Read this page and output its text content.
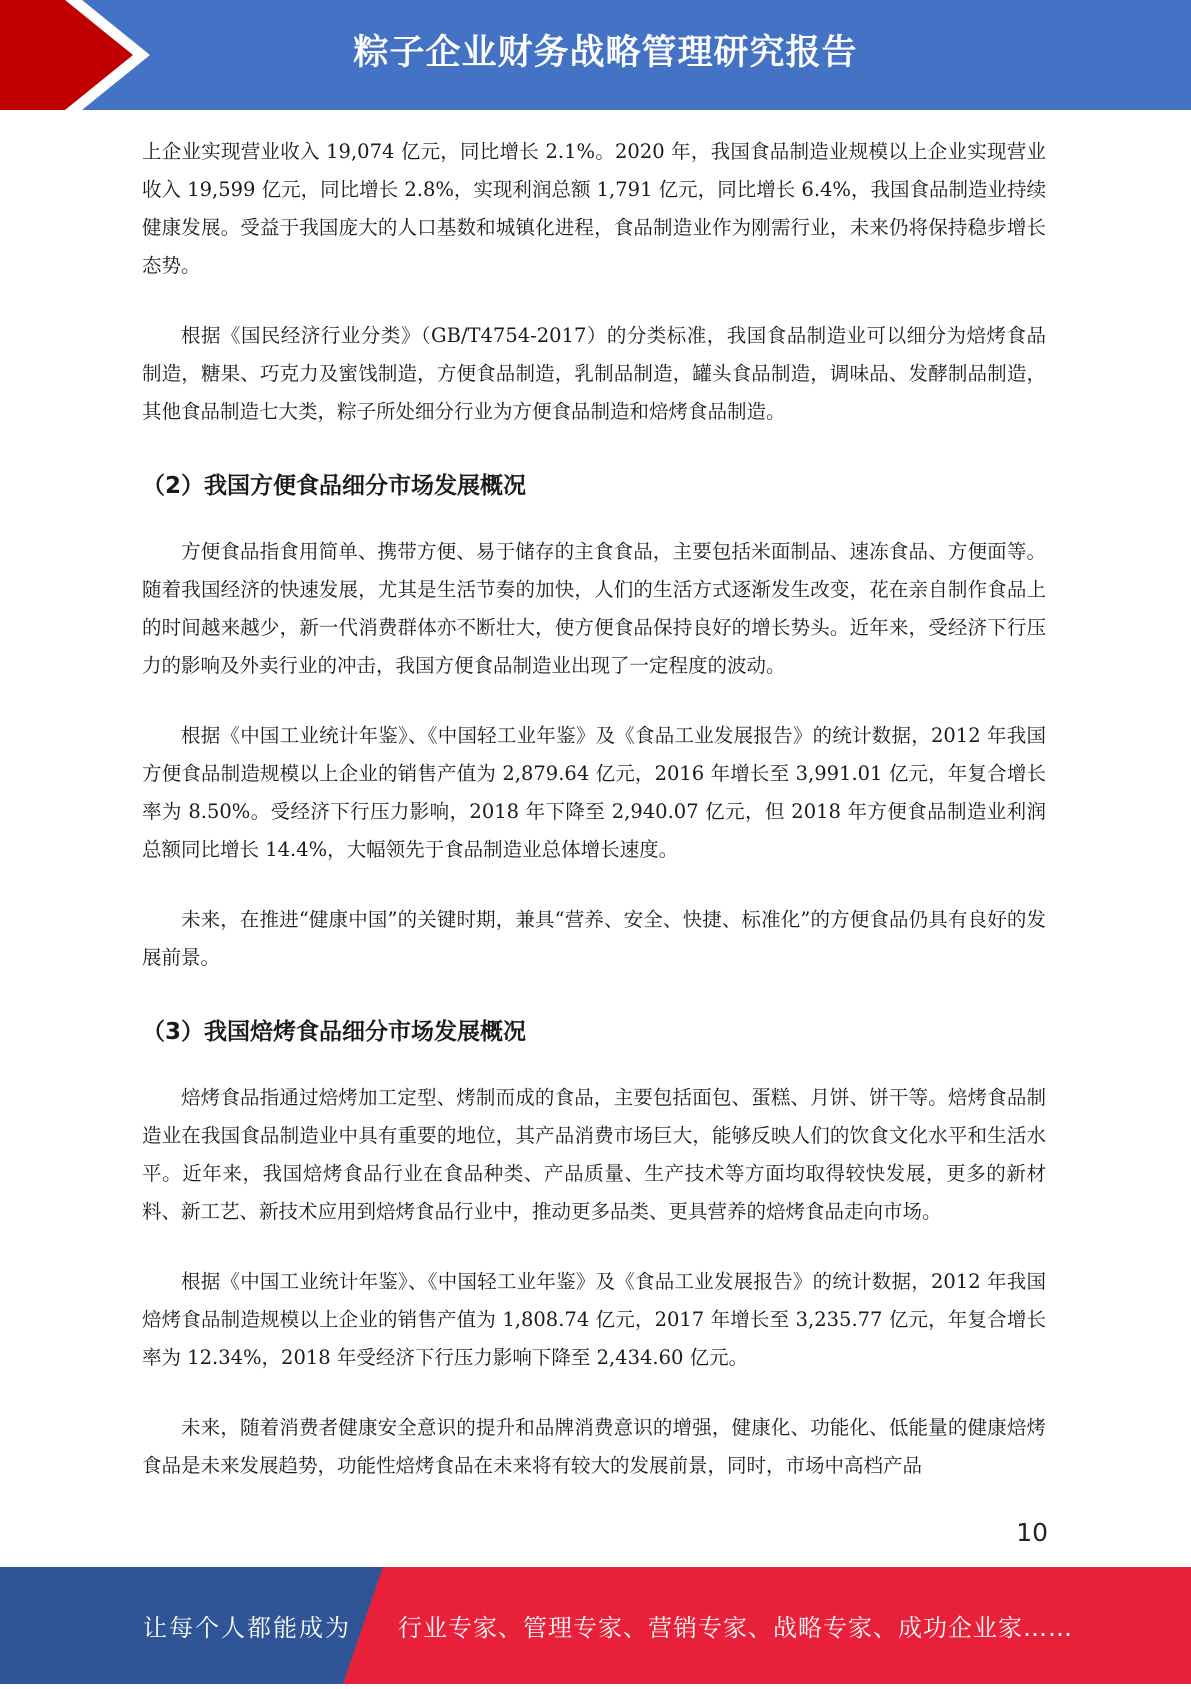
粽子企业财务战略管理研究报告

上企业实现营业收入 19,074 亿元，同比增长 2.1%。2020 年，我国食品制造业规模以上企业实现营业收入 19,599 亿元，同比增长 2.8%，实现利润总额 1,791 亿元，同比增长 6.4%，我国食品制造业持续健康发展。受益于我国庞大的人口基数和城镇化进程，食品制造业作为刚需行业，未来仍将保持稳步增长态势。

根据《国民经济行业分类》（GB/T4754-2017）的分类标准，我国食品制造业可以细分为焙烤食品制造，糖果、巧克力及蜜饯制造，方便食品制造，乳制品制造，罐头食品制造，调味品、发酵制品制造，其他食品制造七大类，粽子所处细分行业为方便食品制造和焙烤食品制造。

（2）我国方便食品细分市场发展概况

方便食品指食用简单、携带方便、易于储存的主食食品，主要包括米面制品、速冻食品、方便面等。随着我国经济的快速发展，尤其是生活节奏的加快，人们的生活方式逐渐发生改变，花在亲自制作食品上的时间越来越少，新一代消费群体亦不断壮大，使方便食品保持良好的增长势头。近年来，受经济下行压力的影响及外卖行业的冲击，我国方便食品制造业出现了一定程度的波动。

根据《中国工业统计年鉴》、《中国轻工业年鉴》及《食品工业发展报告》的统计数据，2012 年我国方便食品制造规模以上企业的销售产值为 2,879.64 亿元，2016 年增长至 3,991.01 亿元，年复合增长率为 8.50%。受经济下行压力影响，2018 年下降至 2,940.07 亿元，但 2018 年方便食品制造业利润总额同比增长 14.4%，大幅领先于食品制造业总体增长速度。

未来，在推进“健康中国”的关键时期，兼具“营养、安全、快捷、标准化”的方便食品仍具有良好的发展前景。

（3）我国焙烤食品细分市场发展概况

焙烤食品指通过焙烤加工定型、烤制而成的食品，主要包括面包、蛋糕、月饼、饼干等。焙烤食品制造业在我国食品制造业中具有重要的地位，其产品消费市场巨大，能够反映人们的饮食文化水平和生活水平。近年来，我国焙烤食品行业在食品种类、产品质量、生产技术等方面均取得较快发展，更多的新材料、新工艺、新技术应用到焙烤食品行业中，推动更多品类、更具营养的焙烤食品走向市场。

根据《中国工业统计年鉴》、《中国轻工业年鉴》及《食品工业发展报告》的统计数据，2012 年我国焙烤食品制造规模以上企业的销售产值为 1,808.74 亿元，2017 年增长至 3,235.77 亿元，年复合增长率为 12.34%，2018 年受经济下行压力影响下降至 2,434.60 亿元。

未来，随着消费者健康安全意识的提升和品牌消费意识的增强，健康化、功能化、低能量的健康焙烤食品是未来发展趋势，功能性焙烤食品在未来将有较大的发展前景，同时，市场中高档产品

10
让每个人都能成为 行业专家、管理专家、营销专家、战略专家、成功企业家……
